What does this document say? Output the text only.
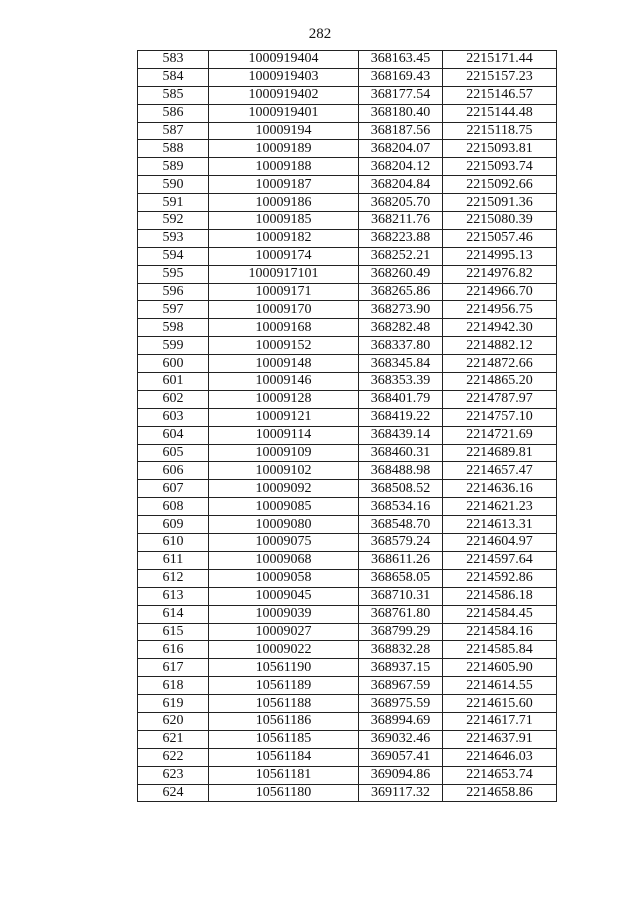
282
583	1000919404	368163.45	2215171.44
584	1000919403	368169.43	2215157.23
585	1000919402	368177.54	2215146.57
586	1000919401	368180.40	2215144.48
587	10009194	368187.56	2215118.75
588	10009189	368204.07	2215093.81
589	10009188	368204.12	2215093.74
590	10009187	368204.84	2215092.66
591	10009186	368205.70	2215091.36
592	10009185	368211.76	2215080.39
593	10009182	368223.88	2215057.46
594	10009174	368252.21	2214995.13
595	1000917101	368260.49	2214976.82
596	10009171	368265.86	2214966.70
597	10009170	368273.90	2214956.75
598	10009168	368282.48	2214942.30
599	10009152	368337.80	2214882.12
600	10009148	368345.84	2214872.66
601	10009146	368353.39	2214865.20
602	10009128	368401.79	2214787.97
603	10009121	368419.22	2214757.10
604	10009114	368439.14	2214721.69
605	10009109	368460.31	2214689.81
606	10009102	368488.98	2214657.47
607	10009092	368508.52	2214636.16
608	10009085	368534.16	2214621.23
609	10009080	368548.70	2214613.31
610	10009075	368579.24	2214604.97
611	10009068	368611.26	2214597.64
612	10009058	368658.05	2214592.86
613	10009045	368710.31	2214586.18
614	10009039	368761.80	2214584.45
615	10009027	368799.29	2214584.16
616	10009022	368832.28	2214585.84
617	10561190	368937.15	2214605.90
618	10561189	368967.59	2214614.55
619	10561188	368975.59	2214615.60
620	10561186	368994.69	2214617.71
621	10561185	369032.46	2214637.91
622	10561184	369057.41	2214646.03
623	10561181	369094.86	2214653.74
624	10561180	369117.32	2214658.86
